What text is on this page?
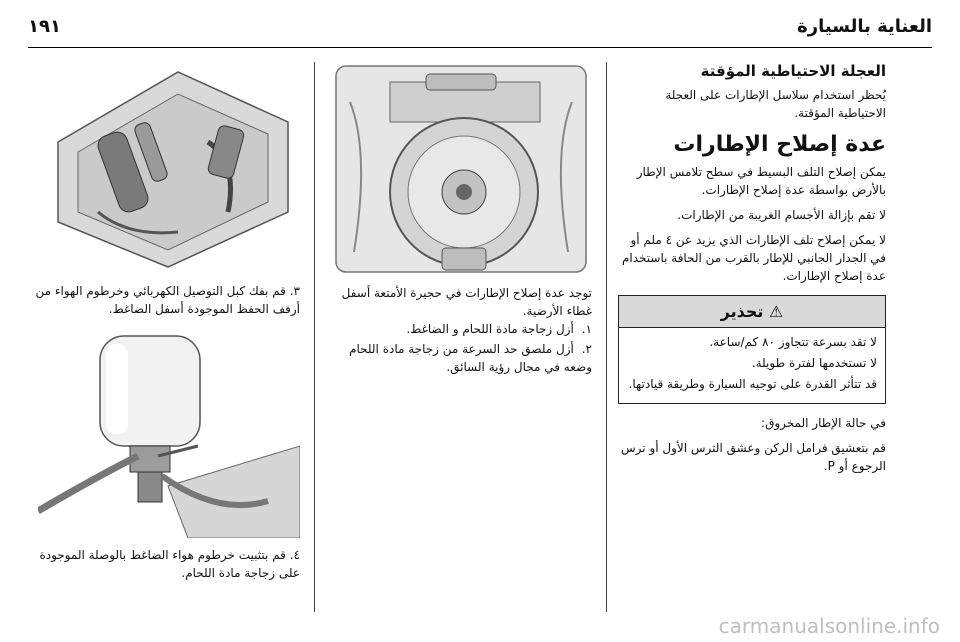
العناية بالسيارة
١٩١
العجلة الاحتياطية المؤقتة

يُحظر استخدام سلاسل الإطارات على العجلة الاحتياطية المؤقتة.

عدة إصلاح الإطارات

يمكن إصلاح التلف البسيط في سطح تلامس الإطار بالأرض بواسطة عدة إصلاح الإطارات.

لا تقم بإزالة الأجسام الغريبة من الإطارات.

لا يمكن إصلاح تلف الإطارات الذي يزيد عن ٤ ملم أو في الجدار الجانبي للإطار بالقرب من الحافة باستخدام عدة إصلاح الإطارات.

⚠ تحذير

لا تقد بسرعة تتجاوز ٨٠ كم/ساعة.

لا تستخدمها لفترة طويلة.

قد تتأثر القدرة على توجيه السيارة وطريقة قيادتها.

في حالة الإطار المخروق:

قم بتعشيق فرامل الركن وعشق الترس الأول أو ترس الرجوع أو P.

توجد عدة إصلاح الإطارات في حجيرة الأمتعة أسفل غطاء الأرضية.

١. أزل زجاجة مادة اللحام و الضاغط.
٢. أزل ملصق حد السرعة من زجاجة مادة اللحام وضعه في مجال رؤية السائق.

٣. قم بفك كبل التوصيل الكهربائي وخرطوم الهواء من أرفف الحفظ الموجودة أسفل الضاغط.

٤. قم بتثبيت خرطوم هواء الضاغط بالوصلة الموجودة على زجاجة مادة اللحام.

carmanualsonline.info
